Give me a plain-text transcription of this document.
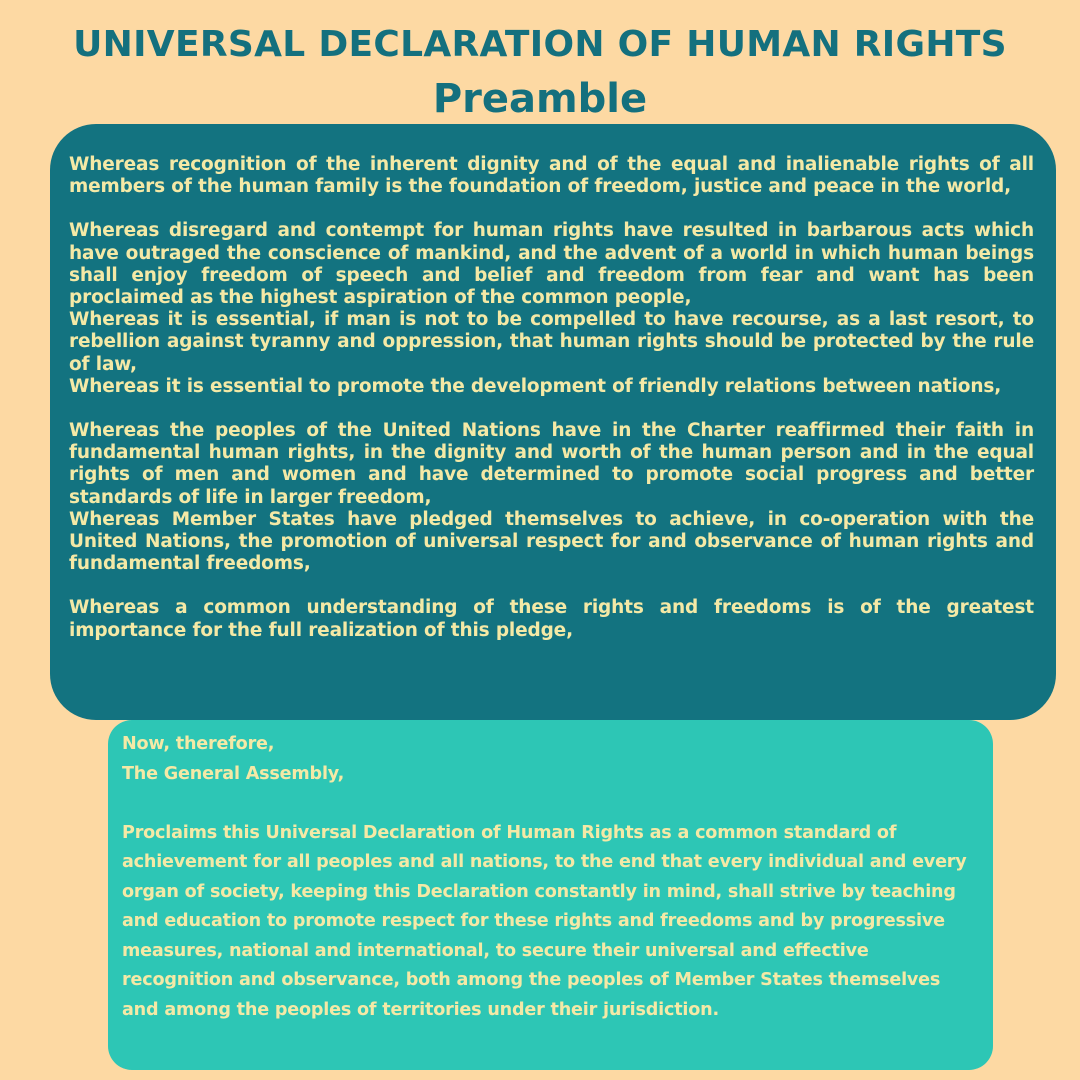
UNIVERSAL DECLARATION OF HUMAN RIGHTS
Preamble

Whereas recognition of the inherent dignity and of the equal and inalienable rights of all members of the human family is the foundation of freedom, justice and peace in the world,

Whereas disregard and contempt for human rights have resulted in barbarous acts which have outraged the conscience of mankind, and the advent of a world in which human beings shall enjoy freedom of speech and belief and freedom from fear and want has been proclaimed as the highest aspiration of the common people,

Whereas it is essential, if man is not to be compelled to have recourse, as a last resort, to rebellion against tyranny and oppression, that human rights should be protected by the rule of law,

Whereas it is essential to promote the development of friendly relations between nations,

Whereas the peoples of the United Nations have in the Charter reaffirmed their faith in fundamental human rights, in the dignity and worth of the human person and in the equal rights of men and women and have determined to promote social progress and better standards of life in larger freedom,

Whereas Member States have pledged themselves to achieve, in co-operation with the United Nations, the promotion of universal respect for and observance of human rights and fundamental freedoms,

Whereas a common understanding of these rights and freedoms is of the greatest importance for the full realization of this pledge,

Now, therefore,

The General Assembly,

Proclaims this Universal Declaration of Human Rights as a common standard of achievement for all peoples and all nations, to the end that every individual and every organ of society, keeping this Declaration constantly in mind, shall strive by teaching and education to promote respect for these rights and freedoms and by progressive measures, national and international, to secure their universal and effective recognition and observance, both among the peoples of Member States themselves and among the peoples of territories under their jurisdiction.
